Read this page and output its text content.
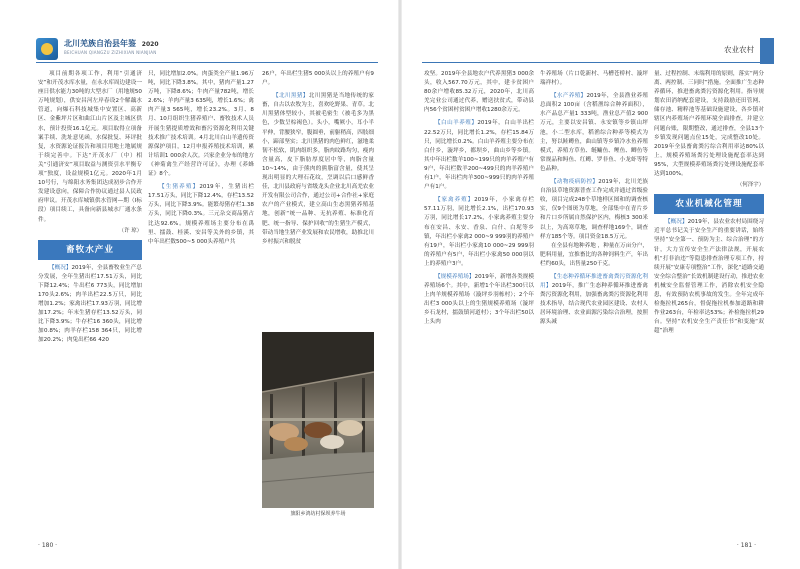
北川羌族自治县年鉴 2020
BEICHUAN QIANGZU ZIZHIXIAN NIANJIAN

项目前期各项工作，利用“引通济安”和开茂水库水量，在永水库周边建设一座日供水能力30吨的大型水厂（用地规50万吨规划），供安昌河左岸春设2个解藕水管道，向爆石科技城集中安置区、高新区、金紫坪片区和曲江山片区及主城区供水，预计投资16.1亿元。项目取得立项备案手续、洗址意见函，水保批复、环评批复，水资源论证报告和项目用地土地属规于续完善中。下达“开茂水厂（中）相关“引通济安”项目取益与测资引水平衡专项”独度，设益规模1亿元。2020年1月10号行，与绵阳水务集团达成初步合作开发建设意向，保障合作协议通过县人民政府审议。开茂水库城镇供水管网—期（I标段）项目续工，具备向新县城水厂通水条件。

（许 琼）
畜牧水产业

【概况】2019年，全县畜牧业生产总分发展，全年生猪出栏17.51万头，同比下降12.4%；牛出栏6 773头，同比增加170头2.6%；肉羊出栏22.5万只，同比增加1.2%；家禽出栏17.93万羽，同比增加17.2%；年末生猪存栏13.52万头，同比下降3.9%；牛存栏16 360头，同比增加0.8%；肉羊存栏158 364只，同比增加20.2%；肉兔出栏66 420

只，同比增加2.0%。肉蛋类全产量1.96万吨，同比下降3.8%。其中，猪肉产量1.27万吨，下降8.6%；牛肉产量782吨，增长2.6%；羊肉产量3 635吨，增长1.6%；禽肉产量3 565吨，增长23.2%。3月、8月、10月组织生猪养殖户、畜牧技术人员开展生猪提质增效和畜污资源化利用关键技术推广技术培训。4月北川白山羊遗传资源保护项目，12月申报养殖技术培训，累计培训1 000余人次。兴家企业分布的地方《神菊禽生产经营许可证》，办理《养蜂证》8个。

【生猪养殖】2019年，生猪出栏17.51万头，同比下降12.4%，存栏13.52万头，同比下降3.9%。能繁母猪存栏1.38万头，同比下降0.3%。三元杂交商品猪占比达92.6%。规模养殖场主要分布在禹里、擂鼓、桂溪、安昌等关外的乡镇，其中年出栏数500~5 000头养殖户共

26户，年出栏生猪5 000头以上的养殖户有9户。

【北川黑猪】北川黑猪是当地传统的家畜，自古以农牧为主，喜欢吃野果、青草。北川黑猪体型较小，其被毛密生（被毛多为黑色，少数呈棕褐色）。头小，嘴厥小，耳小半平伸，背腰狭窄，腹圆垂，前躯稍高，四肢细小，蹄部坚实；北川黑猪的肉色鲜红，滋地柔韧不松软，肌肉组织多，脂肉纹路均匀，瘦肉含量高，皮下脂肪厚度居中等，肉脂含量10~14%，由于熊肉的熊脂富含量，使其呈现出明显的大理石花纹，烹调以后口感鲜香佳，北川县政府与省级龙头企业北川高羌农业开发有限公司合作，通过公司+合作社+家庭农户的产业模式，建立高山生态黑猪养殖基地，创新“统一品种、无抗养殖、标准化育肥、统一指导、保护回收”的生猪生产模式，带动当地生猪产业发展和农民增收，助推北川乡村振兴和脱贫

旗阳乡鸿坊村保坝养牛场
· 180 ·
农业农村

攻坚。2019年全县地农户代养黑猪3 000余头，收入567.70万元，其中，建卡贫困户80余户增收85.32万元，2020年，北川高羌完业公司通过代养，赠送扶贫式，带动县内56个贫困村贫困户增收1280余万元。

【白山羊养殖】2019年，白山羊出栏22.52万只，同比增长1.2%，存栏15.84万只，同比增长0.2%。白山羊养殖主要分布在白什乡，漩坪乡，都坝乡，曲山乡等乡镇。其中年出栏数羊100~199只的肉羊养殖户有9户，年出栏数羊200~499只的肉羊养殖户有1户，年出栏肉羊300~999只的肉羊养殖户有1户。

【家禽养殖】2019年，小家禽存栏57.11万羽，同比增长2.1%，出栏170.93万羽，同比增长17.2%，小家禽养殖主要分布在安昌、永安、香泉、白什、白坭等乡镇，年出栏小家禽2 000~9 999羽的养殖户有19户，年出栏小家禽10 000~29 999羽的养殖户有5户，年出栏小家禽50 000羽以上的养殖户3户。

【规模养殖场】2019年，新增各类规模养殖场6个。其中，新增1个年出栏300只以上肉羊规模养殖场（漩坪乡羽栋村）；2个年出栏3 000头以上的生猪规模养殖场（漩坪乡石龙村，擂鼓镇河道村）；3个年出栏50以上头肉

牛养殖场（片口乾新村、马槽苍桥村、漩坪瑞祥村）。

【水产养殖】2019年，全县渔业养殖总面积2 100亩（含稻渔综合种养面积），水产品总产量1 333吨，渔业总产值2 900万元，主要以安昌镇、永安镇等乡镇山坪池，小二型水库，稻渔综合种养等模式为主，努以鲑鳟鱼，曲山镇等乡镇冷水鱼养殖模式，养殖方草鱼、鲢鳙鱼、鲤鱼、鲫鱼等常规品和鲟鱼、红鳟、罗非鱼、小龙虾等特色品种。

【动物疫病防控】2019年，北川羌族自治县草地资源普查工作完成并通过省级验收，项目完成248个草地样区图和的调查核实，仅9个图斑为草地，全部集中在青片乡和片口乡所属自然保护区内，梅核3 300米以上，为高寒草地，调查样地169个，调查样方185个等。项目资金18.5万元。

在全县有地种养地 ，种量在万亩分户，肥料用量，宜推畜比的各种饲料生产，年出栏约60头，出售量250千克。

【生态种养循环推进畜禽粪污资源化利用】2019年，推广生态种养循环推进畜禽粪污资源化利用，加强畜禽粪污资源化利用技术指导，结合现代农业园区建设、农村人居环境治理、农业面源污染综合治理，按照源头减

量、过程控制、末端利用的原则，落实“两分离、两控制、三同时”措施。全面推广生态种养循环，推进畜禽粪污资源化利用。指导规划农田消纳配套建设，支持鼓励还田管网、储存池、精粹池等基础设施建设，各乡镇对辖区内养殖场户养殖环境全面排查，并建立问题台账，限期整改，通过排查，全县13个乡镇发现问题点位15处，完成整改10处。2019年全县畜禽粪污综合利用率达80%以上，规模养殖场粪污处理设施配套率达到95%，大型规模养殖场粪污处理设施配套率达到100%。

（何泽宇）
农业机械化管理

【概况】2019年，县农业农村局围绕习近平总书记关于安全生产的重要讲话，始终坚持“安全第一、预防为主、综合治理”的方针，大力宣传安全生产法律法规，开展农机“打非治违”等隐患排查治理专项工作，持续开展“安康专项整治”工作，深化“道路交通安全综合整治”长效机制建设行动，推进农业机械安全监督管理工作，消除农机安全隐患，有效预防农机事故的发生。全年完成年检拖拉机265台，督促拖拉机参加道路和耕作业263台，年检率达53%；补检拖拉机29台。坚持“农机安全生产责任书”和变施“双超”治理

· 181 ·
